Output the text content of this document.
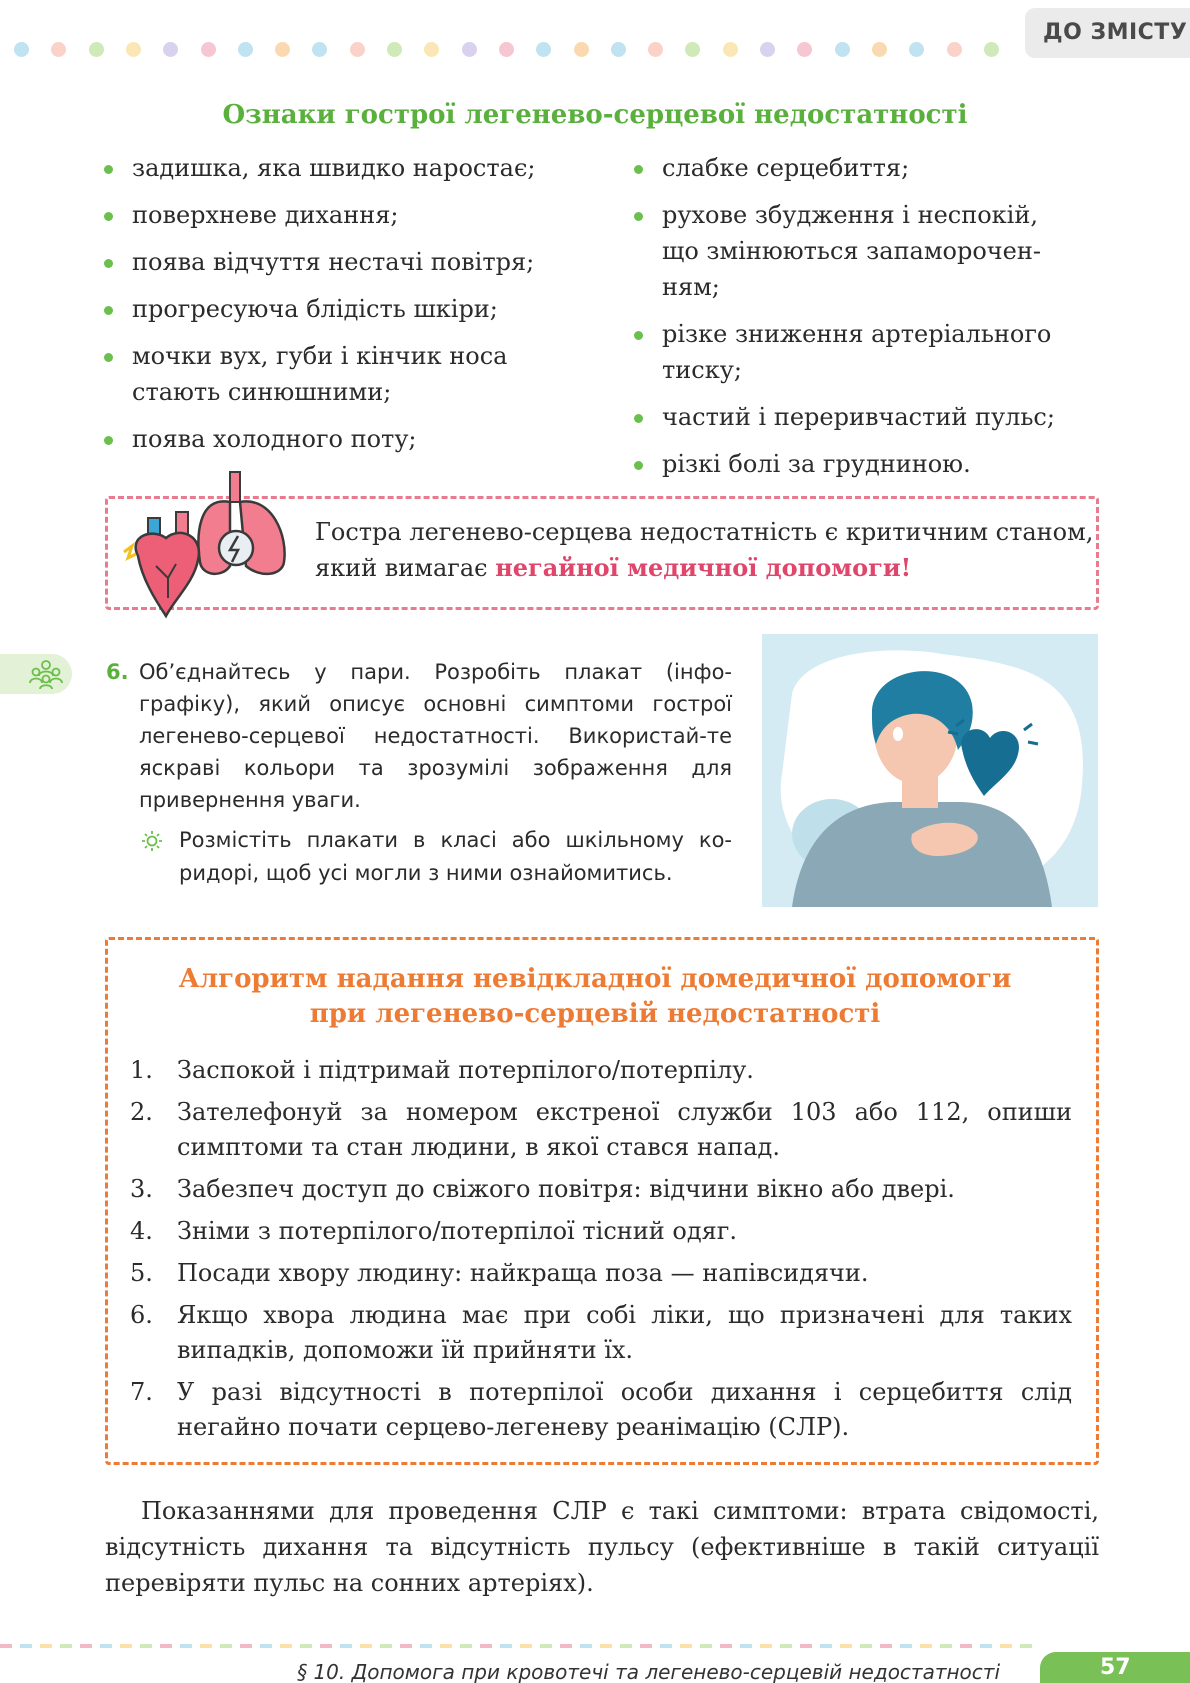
ДО ЗМІСТУ
Ознаки гострої легенево-серцевої недостатності
задишка, яка швидко наростає;
поверхневе дихання;
поява відчуття нестачі повітря;
прогресуюча блідість шкіри;
мочки вух, губи і кінчик носа стають синюшними;
поява холодного поту;
слабке серцебиття;
рухове збудження і неспокій, що змінюються запаморочен-ням;
різке зниження артеріального тиску;
частий і переривчастий пульс;
різкі болі за грудниною.
Гостра легенево-серцева недостатність є критичним станом, який вимагає негайної медичної допомоги!
6. Об’єднайтесь у пари. Розробіть плакат (інфо-графіку), який описує основні симптоми гострої легенево-серцевої недостатності. Використай-те яскраві кольори та зрозумілі зображення для привернення уваги.
Розмістіть плакати в класі або шкільному ко-ридорі, щоб усі могли з ними ознайомитись.
Алгоритм надання невідкладної домедичної допомоги
при легенево-серцевій недостатності
1. Заспокой і підтримай потерпілого/потерпілу.
2. Зателефонуй за номером екстреної служби 103 або 112, опиши симптоми та стан людини, в якої стався напад.
3. Забезпеч доступ до свіжого повітря: відчини вікно або двері.
4. Зніми з потерпілого/потерпілої тісний одяг.
5. Посади хвору людину: найкраща поза — напівсидячи.
6. Якщо хвора людина має при собі ліки, що призначені для таких випадків, допоможи їй прийняти їх.
7. У разі відсутності в потерпілої особи дихання і серцебиття слід негайно почати серцево-легеневу реанімацію (СЛР).
Показаннями для проведення СЛР є такі симптоми: втрата свідомості, відсутність дихання та відсутність пульсу (ефективніше в такій ситуації перевіряти пульс на сонних артеріях).
§ 10. Допомога при кровотечі та легенево-серцевій недостатності	57
